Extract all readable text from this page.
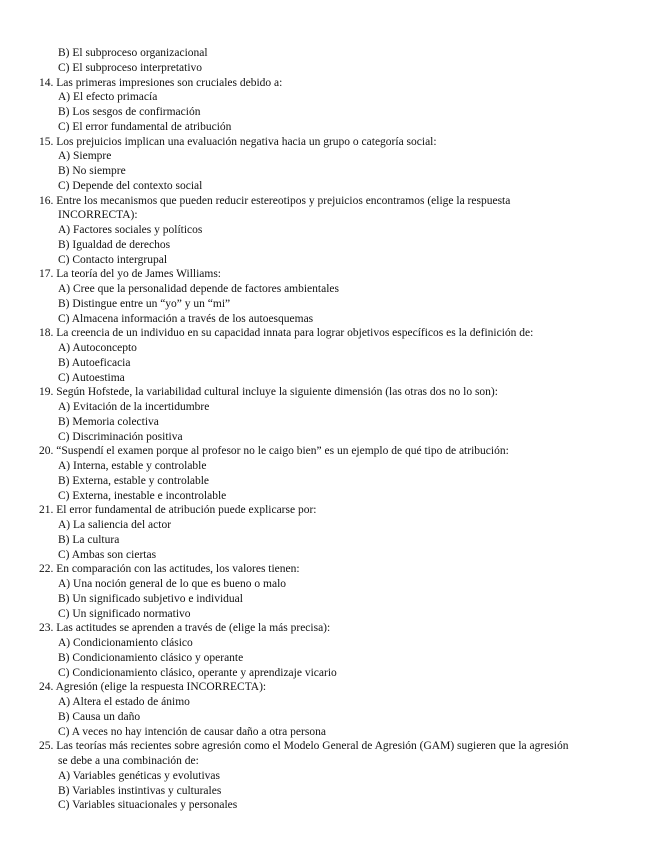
B) El subproceso organizacional
C) El subproceso interpretativo
14. Las primeras impresiones son cruciales debido a:
A) El efecto primacía
B) Los sesgos de confirmación
C) El error fundamental de atribución
15. Los prejuicios implican una evaluación negativa hacia un grupo o categoría social:
A) Siempre
B) No siempre
C) Depende del contexto social
16. Entre los mecanismos que pueden reducir estereotipos y prejuicios encontramos (elige la respuesta
INCORRECTA):
A) Factores sociales y políticos
B) Igualdad de derechos
C) Contacto intergrupal
17. La teoría del yo de James Williams:
A) Cree que la personalidad depende de factores ambientales
B) Distingue entre un “yo” y un “mi”
C) Almacena información a través de los autoesquemas
18. La creencia de un individuo en su capacidad innata para lograr objetivos específicos es la definición de:
A) Autoconcepto
B) Autoeficacia
C) Autoestima
19. Según Hofstede, la variabilidad cultural incluye la siguiente dimensión (las otras dos no lo son):
A) Evitación de la incertidumbre
B) Memoria colectiva
C) Discriminación positiva
20. “Suspendí el examen porque al profesor no le caigo bien” es un ejemplo de qué tipo de atribución:
A) Interna, estable y controlable
B) Externa, estable y controlable
C) Externa, inestable e incontrolable
21. El error fundamental de atribución puede explicarse por:
A) La saliencia del actor
B) La cultura
C) Ambas son ciertas
22. En comparación con las actitudes, los valores tienen:
A) Una noción general de lo que es bueno o malo
B) Un significado subjetivo e individual
C) Un significado normativo
23. Las actitudes se aprenden a través de (elige la más precisa):
A) Condicionamiento clásico
B) Condicionamiento clásico y operante
C) Condicionamiento clásico, operante y aprendizaje vicario
24. Agresión (elige la respuesta INCORRECTA):
A) Altera el estado de ánimo
B) Causa un daño
C) A veces no hay intención de causar daño a otra persona
25. Las teorías más recientes sobre agresión como el Modelo General de Agresión (GAM) sugieren que la agresión
se debe a una combinación de:
A) Variables genéticas y evolutivas
B) Variables instintivas y culturales
C) Variables situacionales y personales
